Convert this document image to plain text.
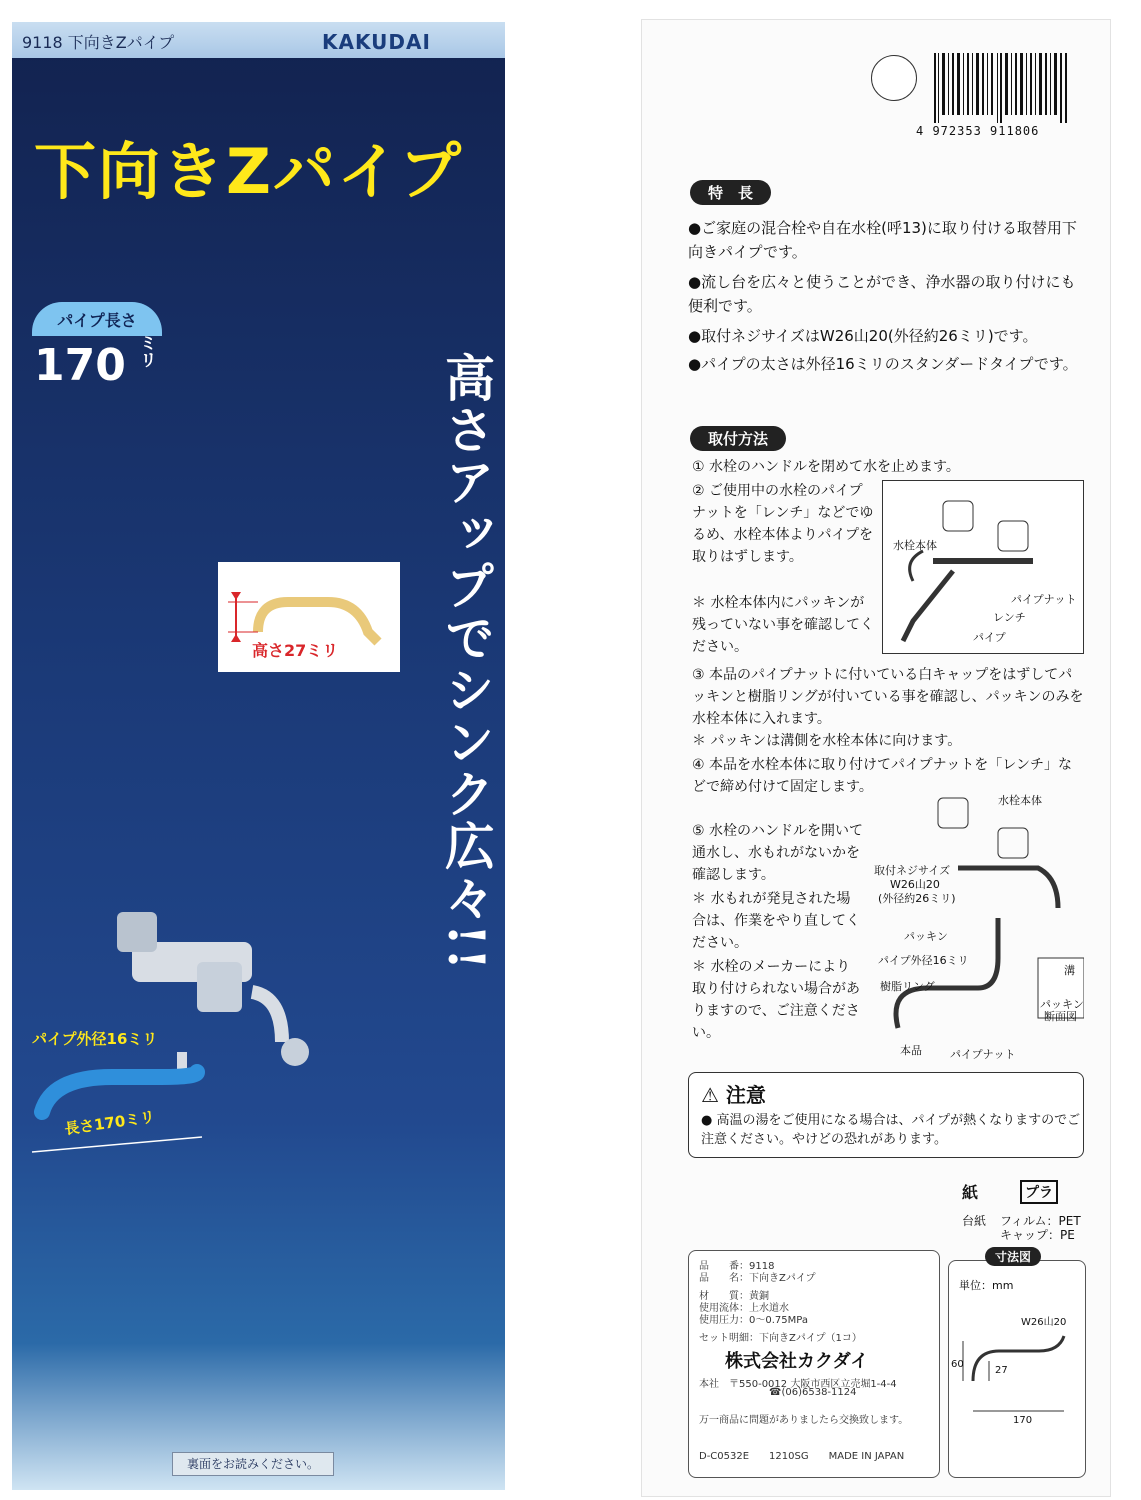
9118 下向きZパイプ	KAKUDAI
下向きZパイプ
パイプ長さ
170 ミリ
高さアップでシンク広々!!
高さ27ミリ
パイプ外径16ミリ
長さ170ミリ
裏面をお読みください。
4 972353 911806
特　長
●ご家庭の混合栓や自在水栓(呼13)に取り付ける取替用下向きパイプです。
●流し台を広々と使うことができ、浄水器の取り付けにも便利です。
●取付ネジサイズはW26山20(外径約26ミリ)です。
●パイプの太さは外径16ミリのスタンダードタイプです。
取付方法
① 水栓のハンドルを閉めて水を止めます。
② ご使用中の水栓のパイプナットを「レンチ」などでゆるめ、水栓本体よりパイプを取りはずします。
＊ 水栓本体内にパッキンが残っていない事を確認してください。
③ 本品のパイプナットに付いている白キャップをはずしてパッキンと樹脂リングが付いている事を確認し、パッキンのみを水栓本体に入れます。
＊ パッキンは溝側を水栓本体に向けます。
④ 本品を水栓本体に取り付けてパイプナットを「レンチ」などで締め付けて固定します。
⑤ 水栓のハンドルを開いて通水し、水もれがないかを確認します。
＊ 水もれが発見された場合は、作業をやり直してください。
＊ 水栓のメーカーにより取り付けられない場合がありますので、ご注意ください。
水栓本体
パイプナット
レンチ
パイプ
水栓本体
取付ネジサイズ
W26山20
(外径約26ミリ)
パッキン
パイプ外径16ミリ
樹脂リング
本品	パイプナット
溝
パッキン
断面図
⚠ 注意
● 高温の湯をご使用になる場合は、パイプが熱くなりますのでご注意ください。やけどの恐れがあります。
紙	プラ
台紙 フィルム：PET
キャップ：PE
品　　番：9118
品　　名：下向きZパイプ
材　　質：黄銅
使用流体：上水道水
使用圧力：0〜0.75MPa
セット明細：下向きZパイプ（1コ）
株式会社カクダイ
本社　〒550-0012 大阪市西区立売堀1-4-4
☎(06)6538-1124
万一商品に問題がありましたら交換致します。
D-C0532E　　1210SG　　MADE IN JAPAN
寸法図
単位：mm
W26山20
60
27
170
